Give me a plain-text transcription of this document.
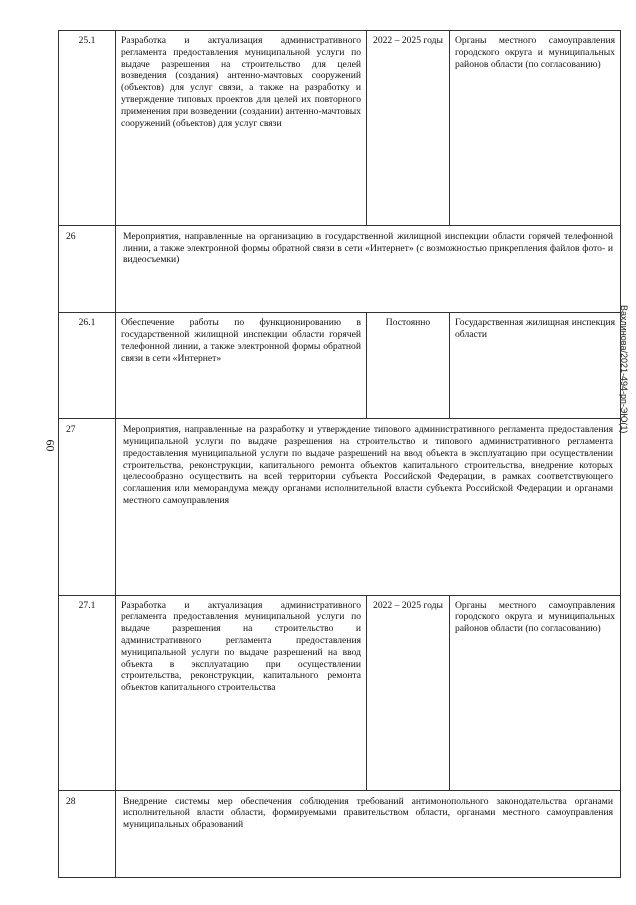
60
Вахлинова/2021-494-рп-ЭЮ(1)
25.1	Разработка и актуализация административного регламента предоставления муниципальной услуги по выдаче разрешения на строительство для целей возведения (создания) антенно-мачтовых сооружений (объектов) для услуг связи, а также на разработку и утверждение типовых проектов для целей их повторного применения при возведении (создании) антенно-мачтовых сооружений (объектов) для услуг связи	2022 – 2025 годы	Органы местного самоуправления городского округа и муниципальных районов области (по согласованию)
26	Мероприятия, направленные на организацию в государственной жилищной инспекции области горячей телефонной линии, а также электронной формы обратной связи в сети «Интернет» (с возможностью прикрепления файлов фото- и видеосъемки)		
26.1	Обеспечение работы по функционированию в государственной жилищной инспекции области горячей телефонной линии, а также электронной формы обратной связи в сети «Интернет»	Постоянно	Государственная жилищная инспекция области
27	Мероприятия, направленные на разработку и утверждение типового административного регламента предоставления муниципальной услуги по выдаче разрешения на строительство и типового административного регламента предоставления муниципальной услуги по выдаче разрешений на ввод объекта в эксплуатацию при осуществлении строительства, реконструкции, капитального ремонта объектов капитального строительства, внедрение которых целесообразно осуществить на всей территории субъекта Российской Федерации, в рамках соответствующего соглашения или меморандума между органами исполнительной власти субъекта Российской Федерации и органами местного самоуправления		
27.1	Разработка и актуализация административного регламента предоставления муниципальной услуги по выдаче разрешения на строительство и административного регламента предоставления муниципальной услуги по выдаче разрешений на ввод объекта в эксплуатацию при осуществлении строительства, реконструкции, капитального ремонта объектов капитального строительства	2022 – 2025 годы	Органы местного самоуправления городского округа и муниципальных районов области (по согласованию)
28	Внедрение системы мер обеспечения соблюдения требований антимонопольного законодательства органами исполнительной власти области, формируемыми правительством области, органами местного самоуправления муниципальных образований		
